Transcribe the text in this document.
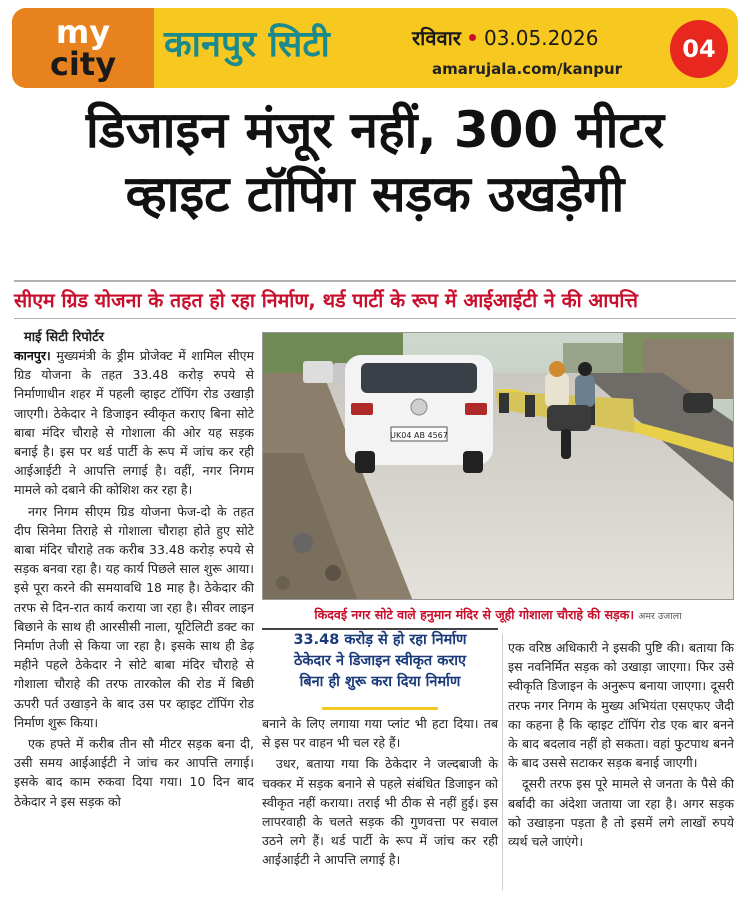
my
city कानपुर सिटी	रविवार 03.05.2026
amarujala.com/kanpur
04
डिजाइन मंजूर नहीं, 300 मीटर
व्हाइट टॉपिंग सड़क उखड़ेगी
सीएम ग्रिड योजना के तहत हो रहा निर्माण, थर्ड पार्टी के रूप में आईआईटी ने की आपत्ति
माई सिटी रिपोर्टर

कानपुर। मुख्यमंत्री के ड्रीम प्रोजेक्ट में शामिल सीएम ग्रिड योजना के तहत 33.48 करोड़ रुपये से निर्माणाधीन शहर में पहली व्हाइट टॉपिंग रोड उखाड़ी जाएगी। ठेकेदार ने डिजाइन स्वीकृत कराए बिना सोटे बाबा मंदिर चौराहे से गोशाला की ओर यह सड़क बनाई है। इस पर थर्ड पार्टी के रूप में जांच कर रही आईआईटी ने आपत्ति लगाई है। वहीं, नगर निगम मामले को दबाने की कोशिश कर रहा है।

नगर निगम सीएम ग्रिड योजना फेज-दो के तहत दीप सिनेमा तिराहे से गोशाला चौराहा होते हुए सोटे बाबा मंदिर चौराहे तक करीब 33.48 करोड़ रुपये से सड़क बनवा रहा है। यह कार्य पिछले साल शुरू आया। इसे पूरा करने की समयावधि 18 माह है। ठेकेदार की तरफ से दिन-रात कार्य कराया जा रहा है। सीवर लाइन बिछाने के साथ ही आरसीसी नाला, यूटिलिटी डक्ट का निर्माण तेजी से किया जा रहा है। इसके साथ ही डेढ़ महीने पहले ठेकेदार ने सोटे बाबा मंदिर चौराहे से गोशाला चौराहे की तरफ तारकोल की रोड में बिछी ऊपरी पर्त उखाड़ने के बाद उस पर व्हाइट टॉपिंग रोड निर्माण शुरू किया।

एक हफ्ते में करीब तीन सौ मीटर सड़क बना दी, उसी समय आईआईटी ने जांच कर आपत्ति लगाई। इसके बाद काम रुकवा दिया गया। 10 दिन बाद ठेकेदार ने इस सड़क को

UK04 AB 4567
किदवई नगर सोटे वाले हनुमान मंदिर से जूही गोशाला चौराहे की सड़क। अमर उजाला
33.48 करोड़ से हो रहा निर्माण
ठेकेदार ने डिजाइन स्वीकृत कराए
बिना ही शुरू करा दिया निर्माण

बनाने के लिए लगाया गया प्लांट भी हटा दिया। तब से इस पर वाहन भी चल रहे हैं।

उधर, बताया गया कि ठेकेदार ने जल्दबाजी के चक्कर में सड़क बनाने से पहले संबंधित डिजाइन को स्वीकृत नहीं कराया। तराई भी ठीक से नहीं हुई। इस लापरवाही के चलते सड़क की गुणवत्ता पर सवाल उठने लगे हैं। थर्ड पार्टी के रूप में जांच कर रही आईआईटी ने आपत्ति लगाई है।

एक वरिष्ठ अधिकारी ने इसकी पुष्टि की। बताया कि इस नवनिर्मित सड़क को उखाड़ा जाएगा। फिर उसे स्वीकृति डिजाइन के अनुरूप बनाया जाएगा। दूसरी तरफ नगर निगम के मुख्य अभियंता एसएफए जैदी का कहना है कि व्हाइट टॉपिंग रोड एक बार बनने के बाद बदलाव नहीं हो सकता। वहां फुटपाथ बनने के बाद उससे सटाकर सड़क बनाई जाएगी।

दूसरी तरफ इस पूरे मामले से जनता के पैसे की बर्बादी का अंदेशा जताया जा रहा है। अगर सड़क को उखाड़ना पड़ता है तो इसमें लगे लाखों रुपये व्यर्थ चले जाएंगे।
